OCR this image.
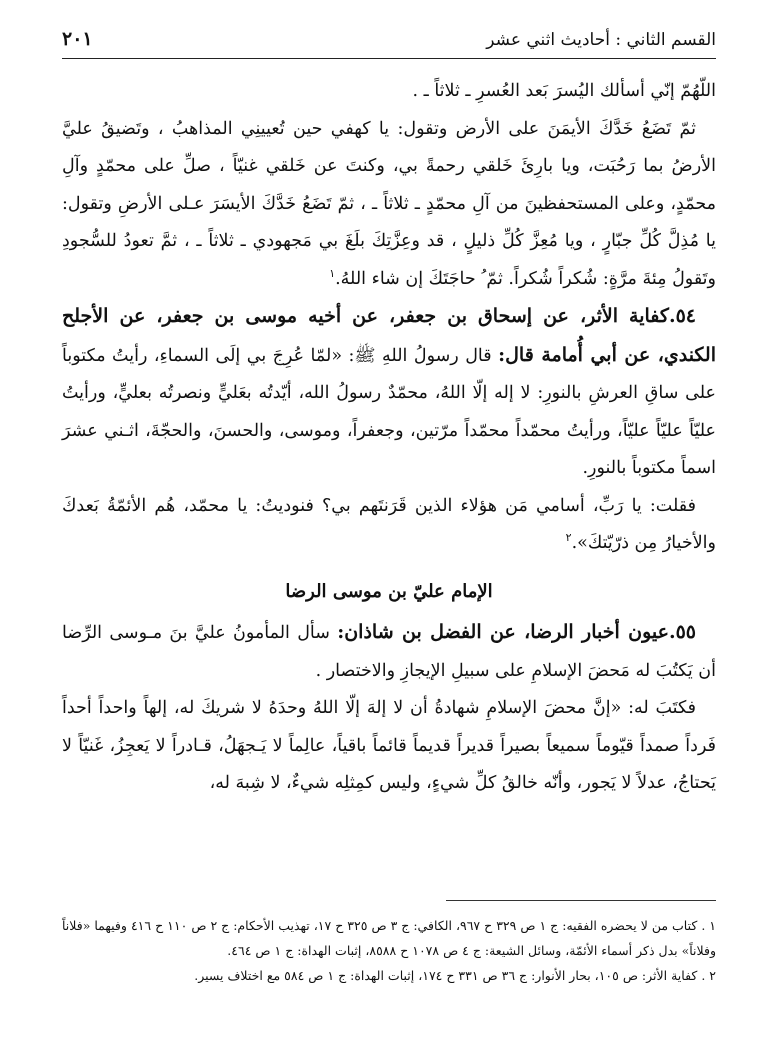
القسم الثاني : أحاديث اثني عشر
٢٠١

اللّهُمّ إنّي أسألك اليُسرَ بَعد العُسرِ ـ ثلاثاً ـ .

ثمّ تَضَعُ خَدَّكَ الأيمَنَ على الأرض وتقول: يا كهفي حين تُعيينِي المذاهبُ ، وتَضيقُ عليَّ الأرضُ بما رَحُبَت، ويا بارِئَ خَلقي رحمةً بي، وكنتَ عن خَلقي غنيّاً ، صلِّ على محمّدٍ وآلِ محمّدٍ، وعلى المستحفظينَ من آلِ محمّدٍ ـ ثلاثاً ـ ، ثمّ تَضَعُ خَدَّكَ الأيسَرَ عـلى الأرضِ وتقول: يا مُذِلَّ كُلِّ جبّارٍ ، ويا مُعِزَّ كُلِّ ذليلٍ ، قد وعِزَّتِكَ بلَغَ بي مَجهودي ـ ثلاثاً ـ ، ثمَّ تعودُ للسُّجودِ وتَقولُ مِئةَ مرَّةٍ: شُكراً شُكراً. ثمّ ُ حاجَتَكَ إن شاء اللهُ.$^١$

٥٤.كفاية الأثر، عن إسحاق بن جعفر، عن أخيه موسى بن جعفر، عن الأجلح الكندي، عن أبي أُمامة قال: قال رسولُ اللهِ ﷺ: «لمّا عُرِجَ بي إلَى السماءِ، رأيتُ مكتوباً على ساقِ العرشِ بالنورِ: لا إله إلّا اللهُ، محمّدٌ رسولُ الله، أيّدتُه بعَليٍّ ونصرتُه بعليٍّ، ورأيتُ عليّاً عليّاً عليّاً، ورأيتُ محمّداً محمّداً مرّتين، وجعفراً، وموسى، والحسنَ، والحجّةَ، اثـني عشرَ اسماً مكتوباً بالنورِ.

فقلت: يا رَبِّ، أسامي مَن هؤلاء الذين قَرَنتَهم بي؟ فنوديتُ: يا محمّد، هُم الأئمّةُ بَعدكَ والأخيارُ مِن ذرّيّتكَ».$^٢$

الإمام عليّ بن موسى الرضا

٥٥.عيون أخبار الرضا، عن الفضل بن شاذان: سأل المأمونُ عليَّ بنَ مـوسى الرِّضا أن يَكتُبَ له مَحضَ الإسلامِ على سبيلِ الإيجازِ والاختصار .

فكتَبَ له: «إنَّ محضَ الإسلامِ شهادةُ أن لا إلهَ إلّا اللهُ وحدَهُ لا شريكَ له، إلهاً واحداً أحداً فَرداً صمداً قيّوماً سميعاً بصيراً قديراً قديماً قائماً باقياً، عالِماً لا يَـجهَلُ، قـادراً لا يَعجِزُ، غَنيّاً لا يَحتاجُ، عدلاً لا يَجور، وأنّه خالقُ كلِّ شيءٍ، وليس كمِثلِه شيءٌ، لا شِبهَ له،

١ . كتاب من لا يحضره الفقيه: ج ١ ص ٣٢٩ ح ٩٦٧، الكافي: ج ٣ ص ٣٢٥ ح ١٧، تهذيب الأحكام: ج ٢ ص ١١٠ ح ٤١٦ وفيهما «فلاناً وفلاناً» بدل ذكر أسماء الأئمّة، وسائل الشيعة: ج ٤ ص ١٠٧٨ ح ٨٥٨٨، إثبات الهداة: ج ١ ص ٤٦٤.

٢ . كفاية الأثر: ص ١٠٥، بحار الأنوار: ج ٣٦ ص ٣٣١ ح ١٧٤، إثبات الهداة: ج ١ ص ٥٨٤ مع اختلاف يسير.
